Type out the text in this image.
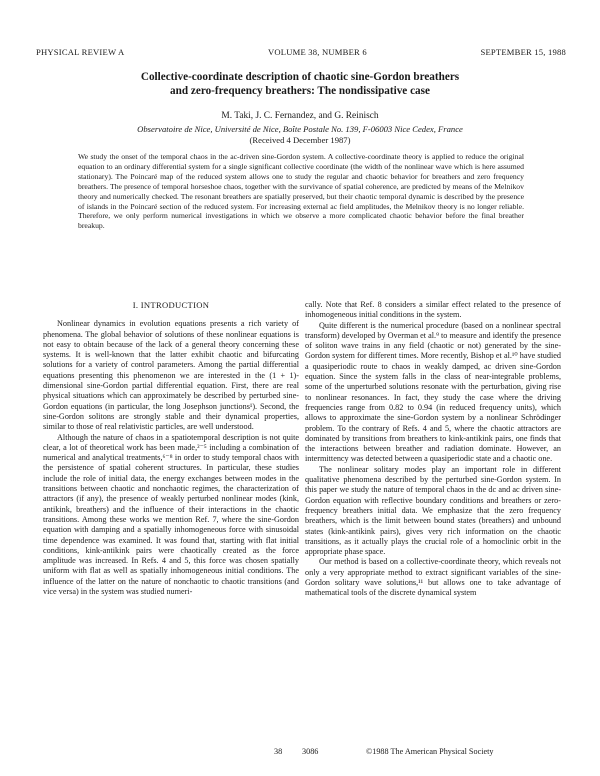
PHYSICAL REVIEW A	VOLUME 38, NUMBER 6	SEPTEMBER 15, 1988
Collective-coordinate description of chaotic sine-Gordon breathers
and zero-frequency breathers: The nondissipative case
M. Taki, J. C. Fernandez, and G. Reinisch
Observatoire de Nice, Université de Nice, Boîte Postale No. 139, F-06003 Nice Cedex, France
(Received 4 December 1987)

We study the onset of the temporal chaos in the ac-driven sine-Gordon system. A collective-coordinate theory is applied to reduce the original equation to an ordinary differential system for a single significant collective coordinate (the width of the nonlinear wave which is here assumed stationary). The Poincaré map of the reduced system allows one to study the regular and chaotic behavior for breathers and zero frequency breathers. The presence of temporal horseshoe chaos, together with the survivance of spatial coherence, are predicted by means of the Melnikov theory and numerically checked. The resonant breathers are spatially preserved, but their chaotic temporal dynamic is described by the presence of islands in the Poincaré section of the reduced system. For increasing external ac field amplitudes, the Melnikov theory is no longer reliable. Therefore, we only perform numerical investigations in which we observe a more complicated chaotic behavior before the final breather breakup.

I. INTRODUCTION

Nonlinear dynamics in evolution equations presents a rich variety of phenomena. The global behavior of solutions of these nonlinear equations is not easy to obtain because of the lack of a general theory concerning these systems. It is well-known that the latter exhibit chaotic and bifurcating solutions for a variety of control parameters. Among the partial differential equations presenting this phenomenon we are interested in the (1 + 1)-dimensional sine-Gordon partial differential equation. First, there are real physical situations which can approximately be described by perturbed sine-Gordon equations (in particular, the long Josephson junctions¹). Second, the sine-Gordon solitons are strongly stable and their dynamical properties, similar to those of real relativistic particles, are well understood.

Although the nature of chaos in a spatiotemporal description is not quite clear, a lot of theoretical work has been made,²⁻⁵ including a combination of numerical and analytical treatments,⁶⁻⁸ in order to study temporal chaos with the persistence of spatial coherent structures. In particular, these studies include the role of initial data, the energy exchanges between modes in the transitions between chaotic and nonchaotic regimes, the characterization of attractors (if any), the presence of weakly perturbed nonlinear modes (kink, antikink, breathers) and the influence of their interactions in the chaotic transitions. Among these works we mention Ref. 7, where the sine-Gordon equation with damping and a spatially inhomogeneous force with sinusoidal time dependence was examined. It was found that, starting with flat initial conditions, kink-antikink pairs were chaotically created as the force amplitude was increased. In Refs. 4 and 5, this force was chosen spatially uniform with flat as well as spatially inhomogeneous initial conditions. The influence of the latter on the nature of nonchaotic to chaotic transitions (and vice versa) in the system was studied numeri-

cally. Note that Ref. 8 considers a similar effect related to the presence of inhomogeneous initial conditions in the system.

Quite different is the numerical procedure (based on a nonlinear spectral transform) developed by Overman et al.⁹ to measure and identify the presence of soliton wave trains in any field (chaotic or not) generated by the sine-Gordon system for different times. More recently, Bishop et al.¹⁰ have studied a quasiperiodic route to chaos in weakly damped, ac driven sine-Gordon equation. Since the system falls in the class of near-integrable problems, some of the unperturbed solutions resonate with the perturbation, giving rise to nonlinear resonances. In fact, they study the case where the driving frequencies range from 0.82 to 0.94 (in reduced frequency units), which allows to approximate the sine-Gordon system by a nonlinear Schrödinger problem. To the contrary of Refs. 4 and 5, where the chaotic attractors are dominated by transitions from breathers to kink-antikink pairs, one finds that the interactions between breather and radiation dominate. However, an intermittency was detected between a quasiperiodic state and a chaotic one.

The nonlinear solitary modes play an important role in different qualitative phenomena described by the perturbed sine-Gordon system. In this paper we study the nature of temporal chaos in the dc and ac driven sine-Gordon equation with reflective boundary conditions and breathers or zero-frequency breathers initial data. We emphasize that the zero frequency breathers, which is the limit between bound states (breathers) and unbound states (kink-antikink pairs), gives very rich information on the chaotic transitions, as it actually plays the crucial role of a homoclinic orbit in the appropriate phase space.

Our method is based on a collective-coordinate theory, which reveals not only a very appropriate method to extract significant variables of the sine-Gordon solitary wave solutions,¹¹ but allows one to take advantage of mathematical tools of the discrete dynamical system

38 3086	©1988 The American Physical Society
